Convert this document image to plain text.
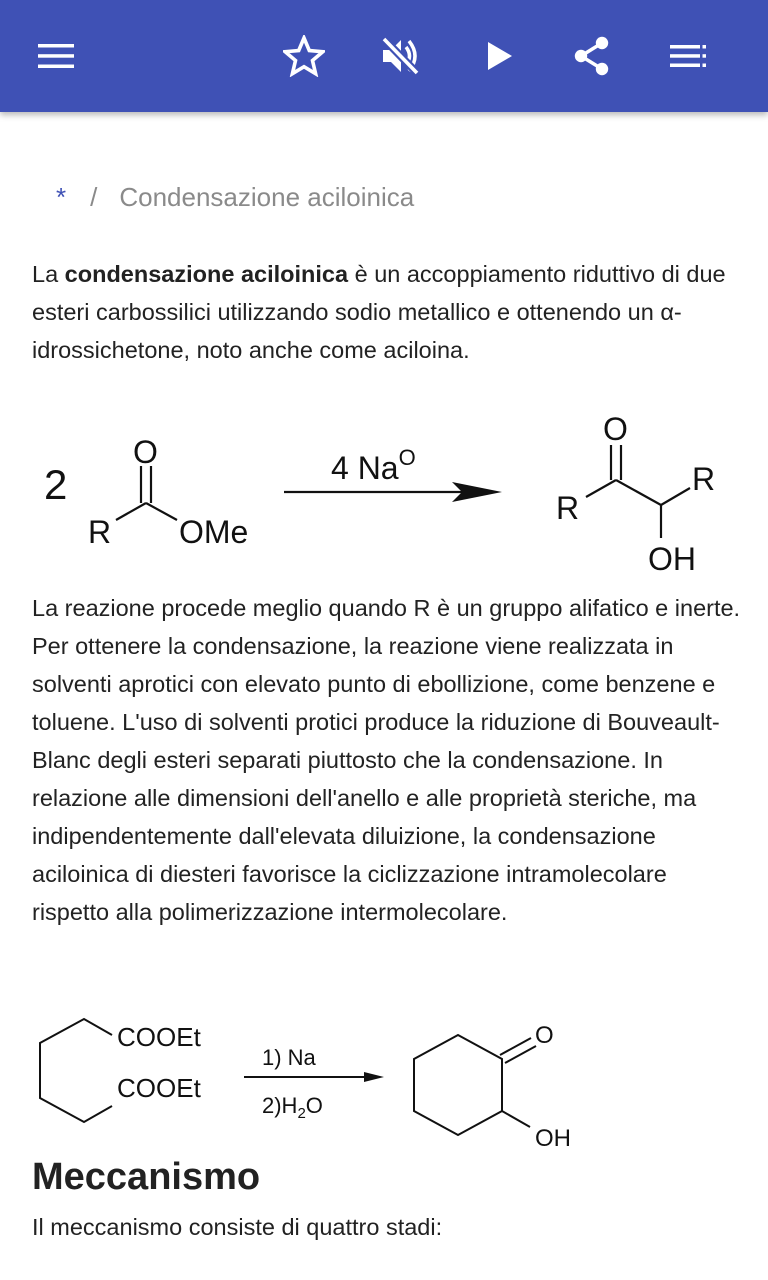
* / Condensazione aciloinica

La condensazione aciloinica è un accoppiamento riduttivo di due esteri carbossilici utilizzando sodio metallico e ottenendo un α-idrossichetone, noto anche come aciloina.

2
O
R OMe
4 $Na^O$
O
R
R
OH

La reazione procede meglio quando R è un gruppo alifatico e inerte. Per ottenere la condensazione, la reazione viene realizzata in solventi aprotici con elevato punto di ebollizione, come benzene e toluene. L'uso di solventi protici produce la riduzione di Bouveault-Blanc degli esteri separati piuttosto che la condensazione. In relazione alle dimensioni dell'anello e alle proprietà steriche, ma indipendentemente dall'elevata diluizione, la condensazione aciloinica di diesteri favorisce la ciclizzazione intramolecolare rispetto alla polimerizzazione intermolecolare.

COOEt
COOEt
1) Na
$2)H_2O$
O
OH
Meccanismo

Il meccanismo consiste di quattro stadi:
